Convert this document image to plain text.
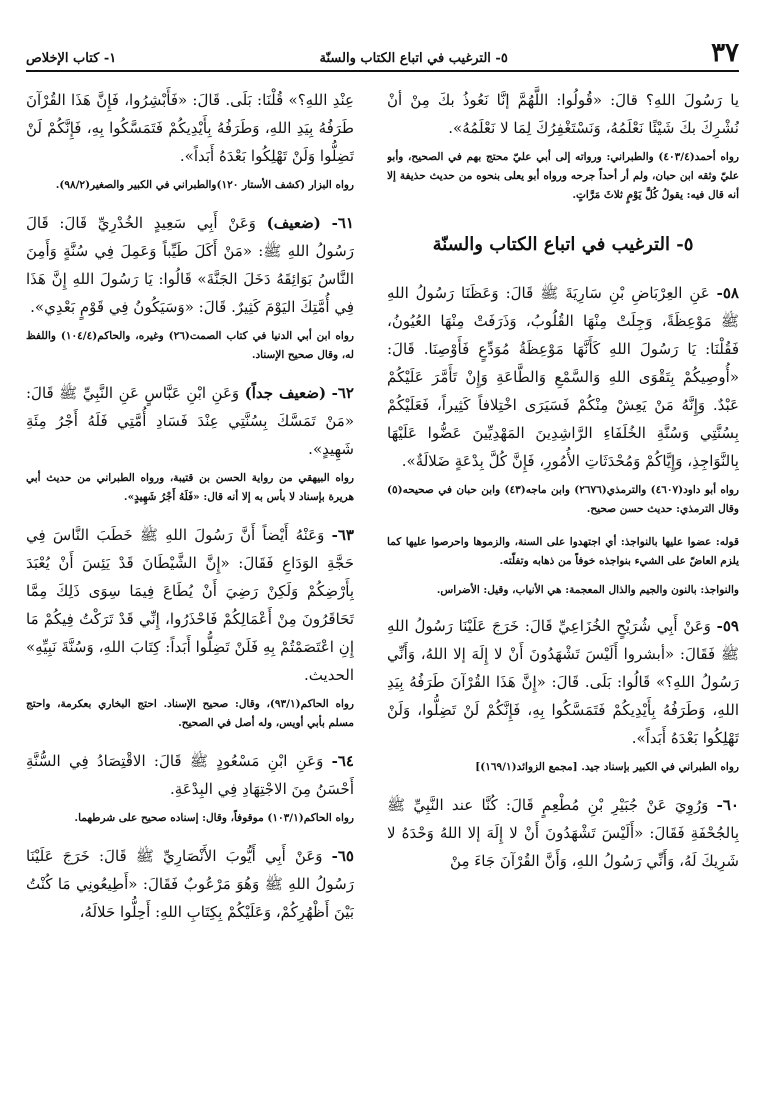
٣٧
٥- الترغيب في اتباع الكتاب والسنّة
١- كتاب الإخلاص

يا رَسُولَ اللهِ؟ قالَ: «قُولُوا: اللَّهُمَّ إنَّا نَعُوذُ بكَ مِنْ أنْ نُشْرِكَ بكَ شَيْئًا نَعْلَمُهُ، وَنَسْتَغْفِرُكَ لِمَا لا نَعْلَمُهُ».

رواه أحمد(٤٠٣/٤) والطبراني: ورواته إلى أبي عليّ محتج بهم في الصحيح، وأبو عليّ وثقه ابن حبان، ولم أر أحداً جرحه ورواه أبو يعلى بنحوه من حديث حذيفة إلا أنه قال فيه: يقولُ كُلَّ يَوْمٍ ثلاثَ مَرَّاتٍ.

٥- الترغيب في اتباع الكتاب والسنّة

٥٨- عَنِ العِرْبَاضِ بْنِ سَارِيَةَ ﷺ قَالَ: وَعَظَنَا رَسُولُ اللهِ ﷺ مَوْعِظَةً، وَجِلَتْ مِنْهَا القُلُوبُ، وَذَرَفَتْ مِنْهَا العُيُونُ، فَقُلْنَا: يَا رَسُولَ اللهِ كَأَنَّهَا مَوْعِظَةُ مُوَدِّعٍ فَأَوْصِنَا. قَالَ: «أُوصِيكُمْ بِتَقْوَى اللهِ وَالسَّمْعِ وَالطَّاعَةِ وَإِنْ تَأَمَّرَ عَلَيْكُمْ عَبْدٌ. وَإِنَّهُ مَنْ يَعِشْ مِنْكُمْ فَسَيَرَى اخْتِلافاً كَثِيراً، فَعَلَيْكُمْ بِسُنَّتِي وَسُنَّةِ الخُلَفَاءِ الرَّاشِدِينَ المَهْدِيِّينَ عَضُّوا عَلَيْهَا بِالنَّوَاجِذِ، وَإِيَّاكُمْ وَمُحْدَثَاتِ الأُمُورِ، فَإِنَّ كُلَّ بِدْعَةٍ ضَلالَةٌ».

رواه أبو داود(٤٦٠٧) والترمذي(٢٦٧٦) وابن ماجه(٤٣) وابن حبان في صحيحه(٥) وقال الترمذي: حديث حسن صحيح.

قوله: عضوا عليها بالنواجذ: أي اجتهدوا على السنة، والزموها واحرصوا عليها كما يلزم العاضّ على الشيء بنواجذه خوفاً من ذهابه وتفلّته.

والنواجذ: بالنون والجيم والذال المعجمة: هي الأنياب، وقيل: الأضراس.

٥٩- وَعَنْ أَبِي شُرَيْحٍ الخُزَاعِيِّ قَالَ: خَرَجَ عَلَيْنَا رَسُولُ اللهِ ﷺ فَقَالَ: «أبشروا أَلَيْسَ تَشْهَدُونَ أَنْ لا إِلَهَ إلا اللهُ، وَأَنِّي رَسُولُ اللهِ؟» قَالُوا: بَلَى. قَالَ: «إِنَّ هَذَا القُرْآنَ طَرَفُهُ بِيَدِ اللهِ، وَطَرَفُهُ بِأَيْدِيكُمْ فَتَمَسَّكُوا بِهِ، فَإِنَّكُمْ لَنْ تَضِلُّوا، وَلَنْ تَهْلِكُوا بَعْدَهُ أَبَداً».

رواه الطبراني في الكبير بإسناد جيد. [مجمع الزوائد(١٦٩/١)]

٦٠- وَرُوِيَ عَنْ جُبَيْرِ بْنِ مُطْعِمٍ قَالَ: كُنَّا عند النَّبِيِّ ﷺ بِالجُحْفَةِ فَقَالَ: «أَلَيْسَ تَشْهَدُونَ أَنْ لا إِلَهَ إلا اللهُ وَحْدَهُ لا شَرِيكَ لَهُ، وَأَنِّي رَسُولُ اللهِ، وَأَنَّ القُرْآنَ جَاءَ مِنْ

عِنْدِ اللهِ؟» قُلْنَا: بَلَى. قَالَ: «فَأَبْشِرُوا، فَإِنَّ هَذَا القُرْآنَ طَرَفُهُ بِيَدِ اللهِ، وَطَرَفُهُ بِأَيْدِيكُمْ فَتَمَسَّكُوا بِهِ، فَإِنَّكُمْ لَنْ تَضِلُّوا وَلَنْ تَهْلِكُوا بَعْدَهُ أَبَداً».

رواه البزار (كشف الأستار ١٢٠)والطبراني في الكبير والصغير(٩٨/٢).

٦١- (ضعيف) وَعَنْ أَبِي سَعِيدٍ الخُدْرِيِّ قَالَ: قَالَ رَسُولُ اللهِ ﷺ: «مَنْ أَكَلَ طَيِّباً وَعَمِلَ فِي سُنَّةٍ وَأَمِنَ النَّاسُ بَوَائِقَهُ دَخَلَ الجَنَّةَ» قَالُوا: يَا رَسُولَ اللهِ إِنَّ هَذَا فِي أُمَّتِكَ اليَوْمَ كَثِيرٌ. قَالَ: «وَسَيَكُونُ فِي قَوْمٍ بَعْدِي».

رواه ابن أبي الدنيا في كتاب الصمت(٢٦) وغيره، والحاكم(١٠٤/٤) واللفظ له، وقال صحيح الإسناد.

٦٢- (ضعيف جداً) وَعَنِ ابْنِ عَبَّاسٍ عَنِ النَّبِيِّ ﷺ قَالَ: «مَنْ تَمَسَّكَ بِسُنَّتِي عِنْدَ فَسَادِ أُمَّتِي فَلَهُ أَجْرُ مِئَةِ شَهِيدٍ».

رواه البيهقي من رواية الحسن بن قتيبة، ورواه الطبراني من حديث أبي هريرة بإسناد لا بأس به إلا أنه قال: «فَلَهُ أَجْرُ شَهِيدٍ».

٦٣- وَعَنْهُ أَيْضاً أَنَّ رَسُولَ اللهِ ﷺ خَطَبَ النَّاسَ فِي حَجَّةِ الوَدَاعِ فَقَالَ: «إِنَّ الشَّيْطَانَ قَدْ يَئِسَ أَنْ يُعْبَدَ بِأَرْضِكُمْ وَلَكِنْ رَضِيَ أَنْ يُطَاعَ فِيمَا سِوَى ذَلِكَ مِمَّا تَحَاقَرُونَ مِنْ أَعْمَالِكُمْ فَاحْذَرُوا، إِنِّي قَدْ تَرَكْتُ فِيكُمْ مَا إِنِ اعْتَصَمْتُمْ بِهِ فَلَنْ تَضِلُّوا أَبَداً: كِتَابَ اللهِ، وَسُنَّةَ نَبِيِّهِ» الحديث.

رواه الحاكم(٩٣/١)، وقال: صحيح الإسناد. احتج البخاري بعكرمة، واحتج مسلم بأبي أويس، وله أصل في الصحيح.

٦٤- وَعَنِ ابْنِ مَسْعُودٍ ﷺ قَالَ: الاقْتِصَادُ فِي السُّنَّةِ أَحْسَنُ مِنَ الاجْتِهَادِ فِي البِدْعَةِ.

رواه الحاكم(١٠٣/١) موقوفاً، وقال: إسناده صحيح على شرطهما.

٦٥- وَعَنْ أَبِي أَيُّوبَ الأَنْصَارِيِّ ﷺ قَالَ: خَرَجَ عَلَيْنَا رَسُولُ اللهِ ﷺ وَهُوَ مَرْعُوبٌ فَقَالَ: «أَطِيعُونِي مَا كُنْتُ بَيْنَ أَظْهُرِكُمْ، وَعَلَيْكُمْ بِكِتَابِ اللهِ: أَحِلُّوا حَلالَهُ،
